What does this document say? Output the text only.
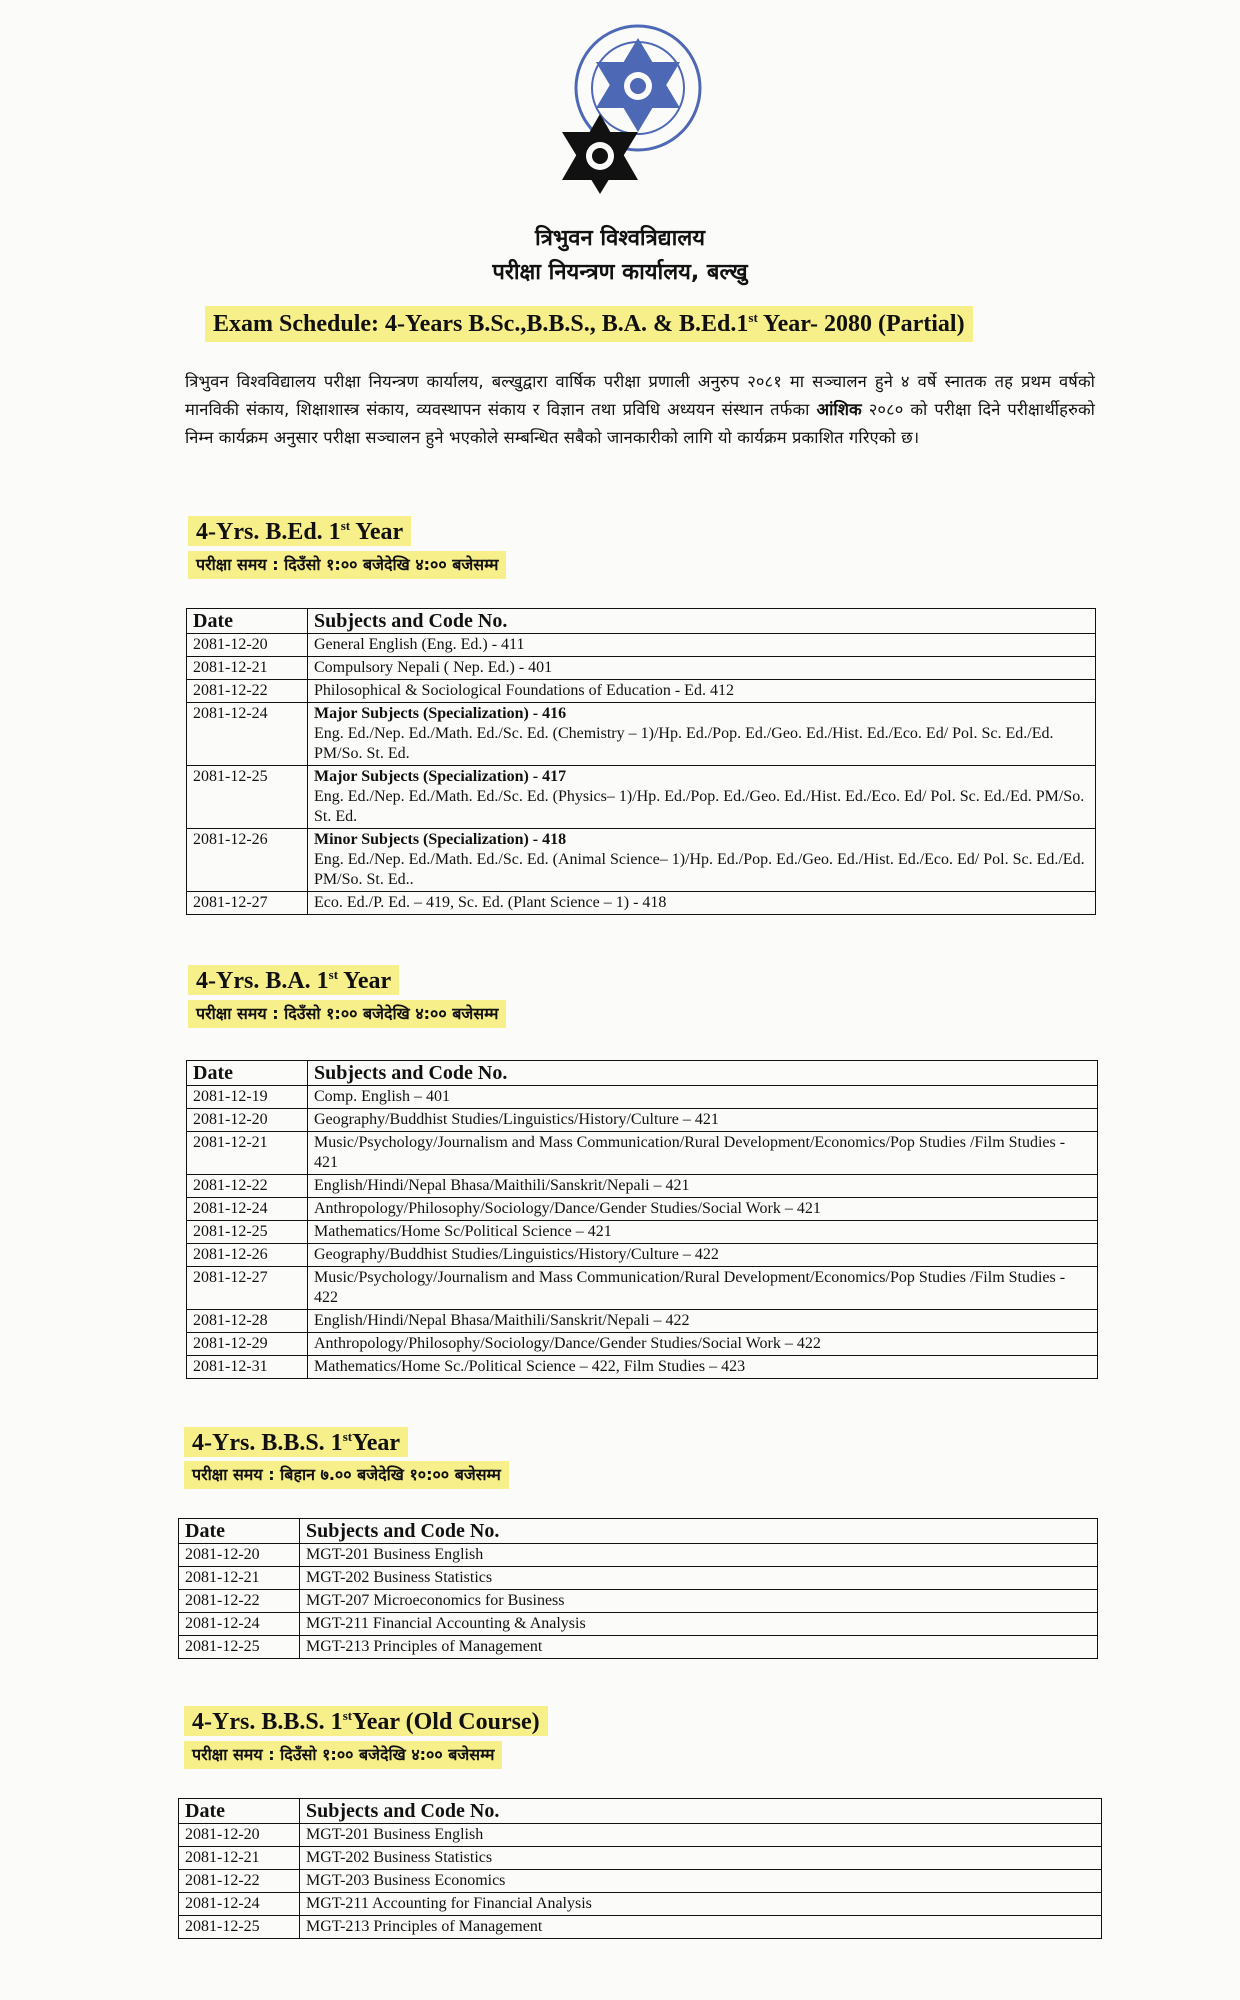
त्रिभुवन विश्वत्रिद्यालय
परीक्षा नियन्त्रण कार्यालय, बल्खु
Exam Schedule: 4-Years B.Sc.,B.B.S., B.A. & B.Ed.1st Year- 2080 (Partial)
त्रिभुवन विश्वविद्यालय परीक्षा नियन्त्रण कार्यालय, बल्खुद्वारा वार्षिक परीक्षा प्रणाली अनुरुप २०८१ मा सञ्चालन हुने ४ वर्षे स्नातक तह प्रथम वर्षको मानविकी संकाय, शिक्षाशास्त्र संकाय, व्यवस्थापन संकाय र विज्ञान तथा प्रविधि अध्ययन संस्थान तर्फका आंशिक २०८० को परीक्षा दिने परीक्षार्थीहरुको निम्न कार्यक्रम अनुसार परीक्षा सञ्चालन हुने भएकोले सम्बन्धित सबैको जानकारीको लागि यो कार्यक्रम प्रकाशित गरिएको छ।
4-Yrs. B.Ed. 1st Year
परीक्षा समय : दिउँसो १:०० बजेदेखि ४:०० बजेसम्म
Date	Subjects and Code No.
2081-12-20	General English (Eng. Ed.) - 411

2081-12-21	Compulsory Nepali ( Nep. Ed.) - 401

2081-12-22	Philosophical & Sociological Foundations of Education - Ed. 412

2081-12-24	Major Subjects (Specialization) - 416
Eng. Ed./Nep. Ed./Math. Ed./Sc. Ed. (Chemistry – 1)/Hp. Ed./Pop. Ed./Geo. Ed./Hist. Ed./Eco. Ed/ Pol. Sc. Ed./Ed. PM/So. St. Ed.

2081-12-25	Major Subjects (Specialization) - 417
Eng. Ed./Nep. Ed./Math. Ed./Sc. Ed. (Physics– 1)/Hp. Ed./Pop. Ed./Geo. Ed./Hist. Ed./Eco. Ed/ Pol. Sc. Ed./Ed. PM/So. St. Ed.

2081-12-26	Minor Subjects (Specialization) - 418
Eng. Ed./Nep. Ed./Math. Ed./Sc. Ed. (Animal Science– 1)/Hp. Ed./Pop. Ed./Geo. Ed./Hist. Ed./Eco. Ed/ Pol. Sc. Ed./Ed. PM/So. St. Ed..

2081-12-27	Eco. Ed./P. Ed. – 419, Sc. Ed. (Plant Science – 1) - 418
4-Yrs. B.A. 1st Year
परीक्षा समय : दिउँसो १:०० बजेदेखि ४:०० बजेसम्म
Date	Subjects and Code No.
2081-12-19	Comp. English – 401

2081-12-20	Geography/Buddhist Studies/Linguistics/History/Culture – 421

2081-12-21	Music/Psychology/Journalism and Mass Communication/Rural Development/Economics/Pop Studies /Film Studies - 421

2081-12-22	English/Hindi/Nepal Bhasa/Maithili/Sanskrit/Nepali – 421

2081-12-24	Anthropology/Philosophy/Sociology/Dance/Gender Studies/Social Work – 421

2081-12-25	Mathematics/Home Sc/Political Science – 421

2081-12-26	Geography/Buddhist Studies/Linguistics/History/Culture – 422

2081-12-27	Music/Psychology/Journalism and Mass Communication/Rural Development/Economics/Pop Studies /Film Studies - 422

2081-12-28	English/Hindi/Nepal Bhasa/Maithili/Sanskrit/Nepali – 422

2081-12-29	Anthropology/Philosophy/Sociology/Dance/Gender Studies/Social Work – 422

2081-12-31	Mathematics/Home Sc./Political Science – 422, Film Studies – 423
4-Yrs. B.B.S. 1stYear
परीक्षा समय : बिहान ७.०० बजेदेखि १०:०० बजेसम्म
Date	Subjects and Code No.
2081-12-20	MGT-201 Business English

2081-12-21	MGT-202 Business Statistics

2081-12-22	MGT-207 Microeconomics for Business

2081-12-24	MGT-211 Financial Accounting & Analysis

2081-12-25	MGT-213 Principles of Management
4-Yrs. B.B.S. 1stYear (Old Course)
परीक्षा समय : दिउँसो १:०० बजेदेखि ४:०० बजेसम्म
Date	Subjects and Code No.
2081-12-20	MGT-201 Business English

2081-12-21	MGT-202 Business Statistics

2081-12-22	MGT-203 Business Economics

2081-12-24	MGT-211 Accounting for Financial Analysis

2081-12-25	MGT-213 Principles of Management
